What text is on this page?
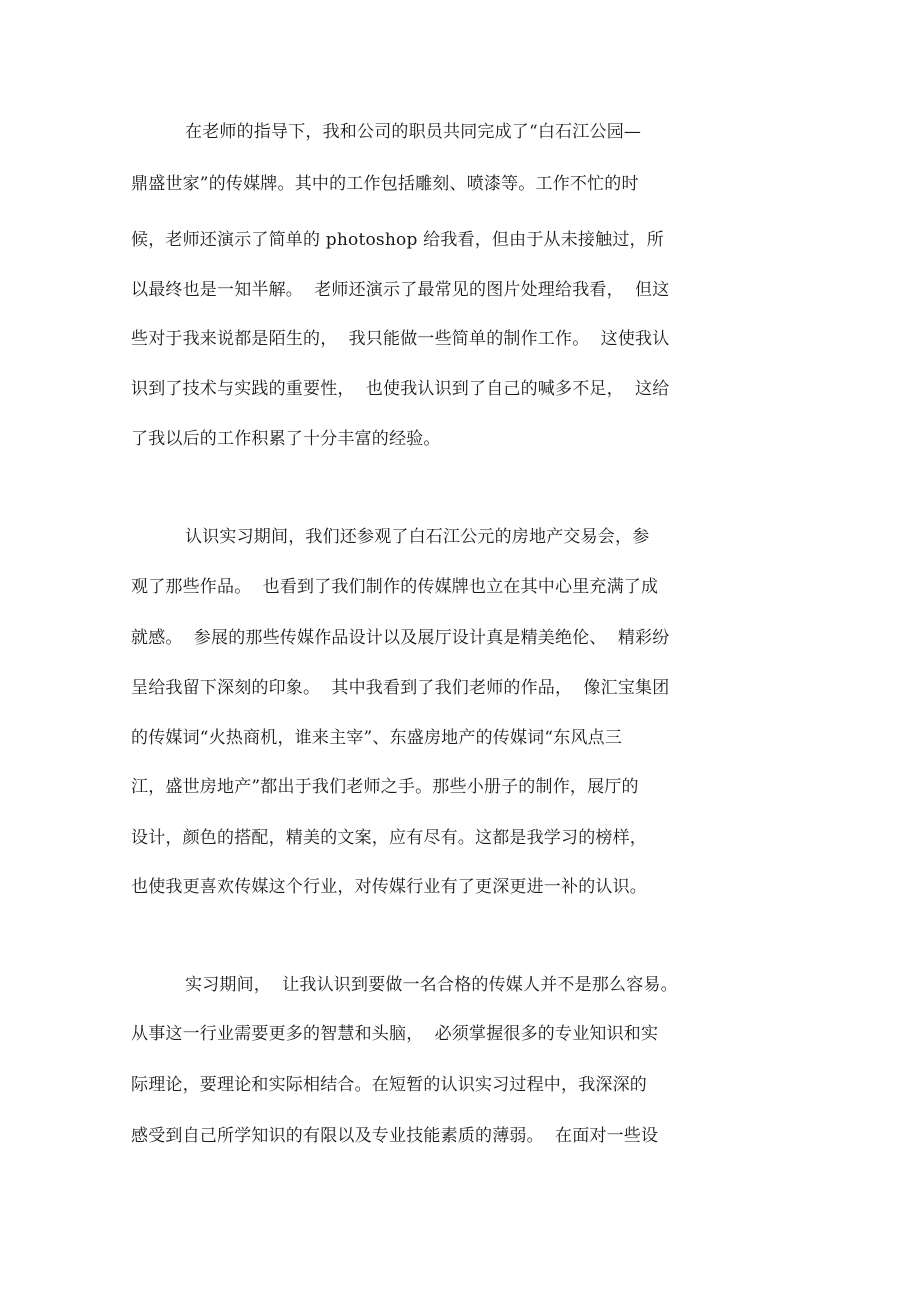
在老师的指导下，我和公司的职员共同完成了“白石江公园—
鼎盛世家”的传媒牌。其中的工作包括雕刻、喷漆等。工作不忙的时
候，老师还演示了简单的 photoshop 给我看，但由于从未接触过，所
以最终也是一知半解。  老师还演示了最常见的图片处理给我看，  但这
些对于我来说都是陌生的，  我只能做一些简单的制作工作。  这使我认
识到了技术与实践的重要性，  也使我认识到了自己的喊多不足，  这给
了我以后的工作积累了十分丰富的经验。
认识实习期间，我们还参观了白石江公元的房地产交易会，参
观了那些作品。  也看到了我们制作的传媒牌也立在其中心里充满了成
就感。  参展的那些传媒作品设计以及展厅设计真是精美绝伦、  精彩纷
呈给我留下深刻的印象。  其中我看到了我们老师的作品，  像汇宝集团
的传媒词“火热商机，谁来主宰”、东盛房地产的传媒词“东风点三
江，盛世房地产”都出于我们老师之手。那些小册子的制作，展厅的
设计，颜色的搭配，精美的文案，应有尽有。这都是我学习的榜样，
也使我更喜欢传媒这个行业，对传媒行业有了更深更进一补的认识。
实习期间，  让我认识到要做一名合格的传媒人并不是那么容易。
从事这一行业需要更多的智慧和头脑，  必须掌握很多的专业知识和实
际理论，要理论和实际相结合。在短暂的认识实习过程中，我深深的
感受到自己所学知识的有限以及专业技能素质的薄弱。  在面对一些设
